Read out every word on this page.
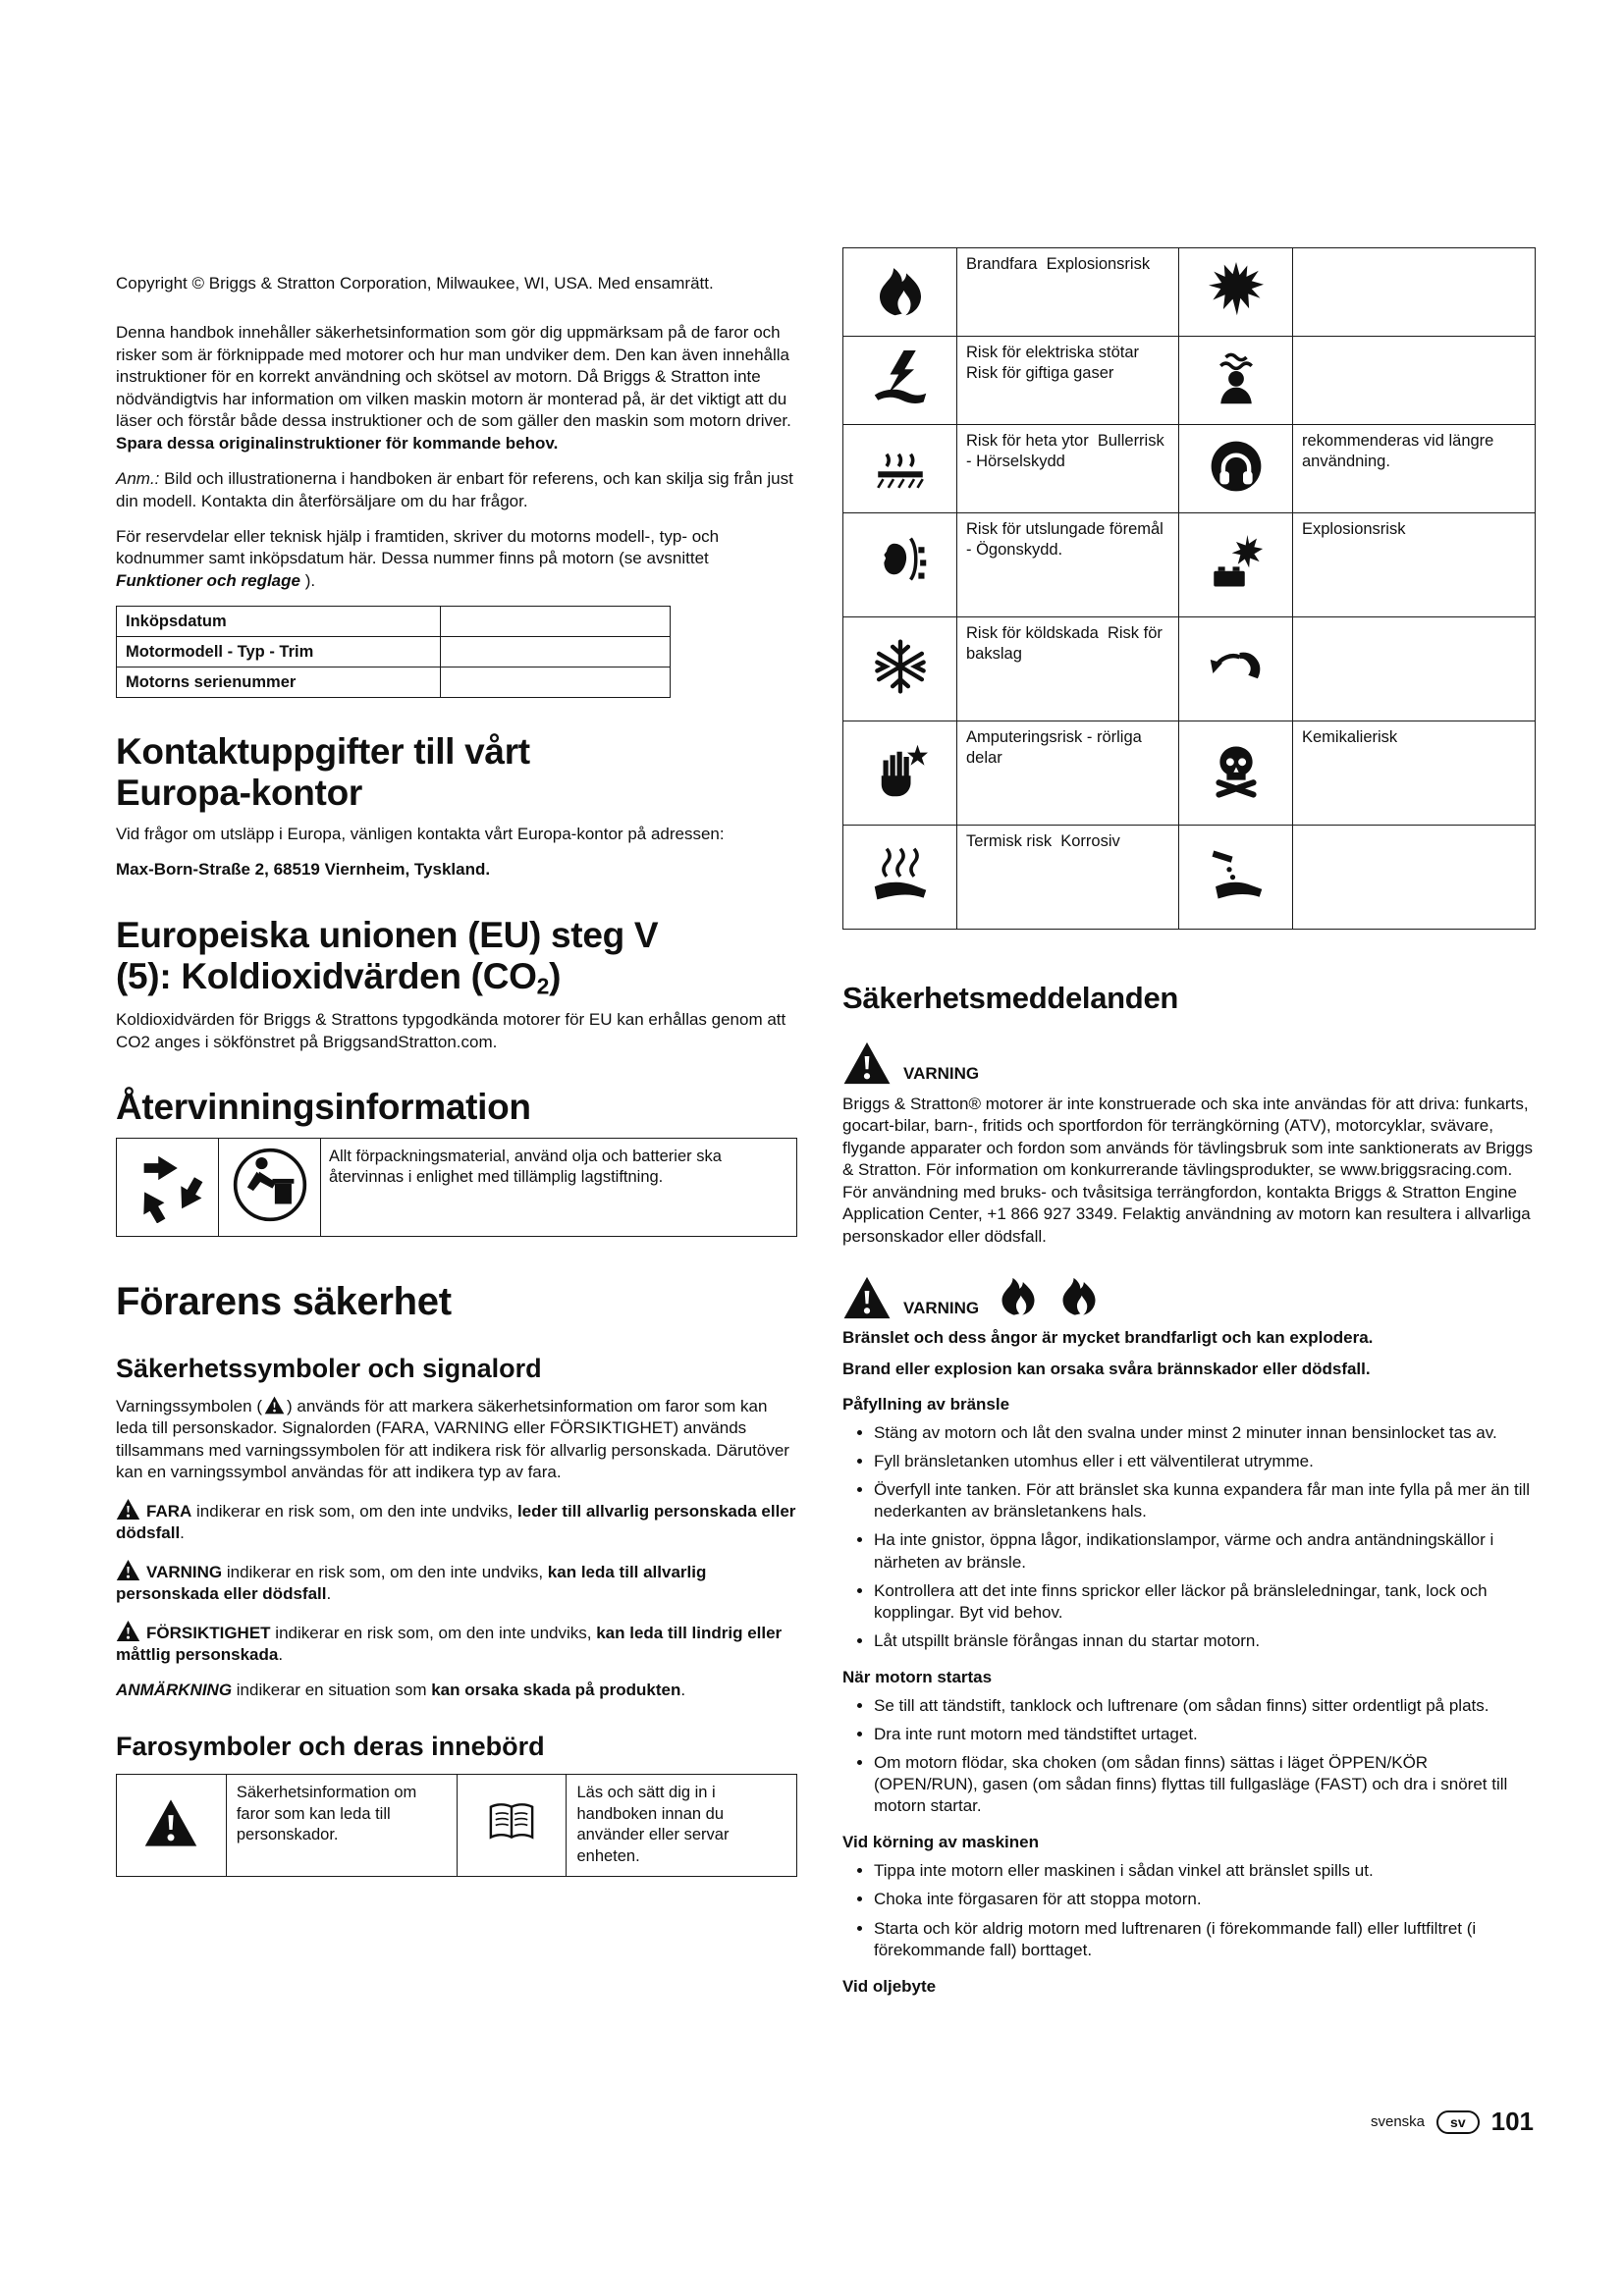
Copyright © Briggs & Stratton Corporation, Milwaukee, WI, USA. Med ensamrätt.

Denna handbok innehåller säkerhetsinformation som gör dig uppmärksam på de faror och risker som är förknippade med motorer och hur man undviker dem. Den kan även innehålla instruktioner för en korrekt användning och skötsel av motorn. Då Briggs & Stratton inte nödvändigtvis har information om vilken maskin motorn är monterad på, är det viktigt att du läser och förstår både dessa instruktioner och de som gäller den maskin som motorn driver. Spara dessa originalinstruktioner för kommande behov.

Anm.: Bild och illustrationerna i handboken är enbart för referens, och kan skilja sig från just din modell. Kontakta din återförsäljare om du har frågor.

För reservdelar eller teknisk hjälp i framtiden, skriver du motorns modell-, typ- och kodnummer samt inköpsdatum här. Dessa nummer finns på motorn (se avsnittet Funktioner och reglage ).

Inköpsdatum	
Motormodell - Typ - Trim	
Motorns serienummer	
Kontaktuppgifter till vårt
Europa-kontor

Vid frågor om utsläpp i Europa, vänligen kontakta vårt Europa-kontor på adressen:

Max-Born-Straße 2, 68519 Viernheim, Tyskland.

Europeiska unionen (EU) steg V
(5): Koldioxidvärden $(CO_2)$

Koldioxidvärden för Briggs & Strattons typgodkända motorer för EU kan erhållas genom att CO2 anges i sökfönstret på BriggsandStratton.com.

Återvinningsinformation
		Allt förpackningsmaterial, använd olja och batterier ska återvinnas i enlighet med tillämplig lagstiftning.
Förarens säkerhet
Säkerhetssymboler och signalord

Varningssymbolen ( ) används för att markera säkerhetsinformation om faror som kan leda till personskador. Signalorden (FARA, VARNING eller FÖRSIKTIGHET) används tillsammans med varningssymbolen för att indikera risk för allvarlig personskada. Därutöver kan en varningssymbol användas för att indikera typ av fara.

FARA indikerar en risk som, om den inte undviks, leder till allvarlig personskada eller dödsfall.

VARNING indikerar en risk som, om den inte undviks, kan leda till allvarlig personskada eller dödsfall.

FÖRSIKTIGHET indikerar en risk som, om den inte undviks, kan leda till lindrig eller måttlig personskada.

ANMÄRKNING indikerar en situation som kan orsaka skada på produkten.

Farosymboler och deras innebörd
	Säkerhetsinformation om faror som kan leda till personskador.		Läs och sätt dig in i handboken innan du använder eller servar enheten.
	Brandfara  Explosionsrisk		
	Risk för elektriska stötar  Risk för giftiga gaser		
	Risk för heta ytor  Bullerrisk - Hörselskydd		rekommenderas vid längre användning.
	Risk för utslungade föremål - Ögonskydd.		Explosionsrisk
	Risk för köldskada  Risk för bakslag		
	Amputeringsrisk - rörliga delar		Kemikalierisk
	Termisk risk  Korrosiv		
Säkerhetsmeddelanden
VARNING

Briggs & Stratton® motorer är inte konstruerade och ska inte användas för att driva: funkarts, gocart-bilar, barn-, fritids och sportfordon för terrängkörning (ATV), motorcyklar, svävare, flygande apparater och fordon som används för tävlingsbruk som inte sanktionerats av Briggs & Stratton. För information om konkurrerande tävlingsprodukter, se www.briggsracing.com. För användning med bruks- och tvåsitsiga terrängfordon, kontakta Briggs & Stratton Engine Application Center, +1 866 927 3349. Felaktig användning av motorn kan resultera i allvarliga personskador eller dödsfall.

VARNING

Bränslet och dess ångor är mycket brandfarligt och kan explodera.

Brand eller explosion kan orsaka svåra brännskador eller dödsfall.

Påfyllning av bränsle
• Stäng av motorn och låt den svalna under minst 2 minuter innan bensinlocket tas av.
• Fyll bränsletanken utomhus eller i ett välventilerat utrymme.
• Överfyll inte tanken. För att bränslet ska kunna expandera får man inte fylla på mer än till nederkanten av bränsletankens hals.
• Ha inte gnistor, öppna lågor, indikationslampor, värme och andra antändningskällor i närheten av bränsle.
• Kontrollera att det inte finns sprickor eller läckor på bränsleledningar, tank, lock och kopplingar. Byt vid behov.
• Låt utspillt bränsle förångas innan du startar motorn.
När motorn startas
• Se till att tändstift, tanklock och luftrenare (om sådan finns) sitter ordentligt på plats.
• Dra inte runt motorn med tändstiftet urtaget.
• Om motorn flödar, ska choken (om sådan finns) sättas i läget ÖPPEN/KÖR (OPEN/RUN), gasen (om sådan finns) flyttas till fullgasläge (FAST) och dra i snöret till motorn startar.
Vid körning av maskinen
• Tippa inte motorn eller maskinen i sådan vinkel att bränslet spills ut.
• Choka inte förgasaren för att stoppa motorn.
• Starta och kör aldrig motorn med luftrenaren (i förekommande fall) eller luftfiltret (i förekommande fall) borttaget.
Vid oljebyte
svenska	sv	101
